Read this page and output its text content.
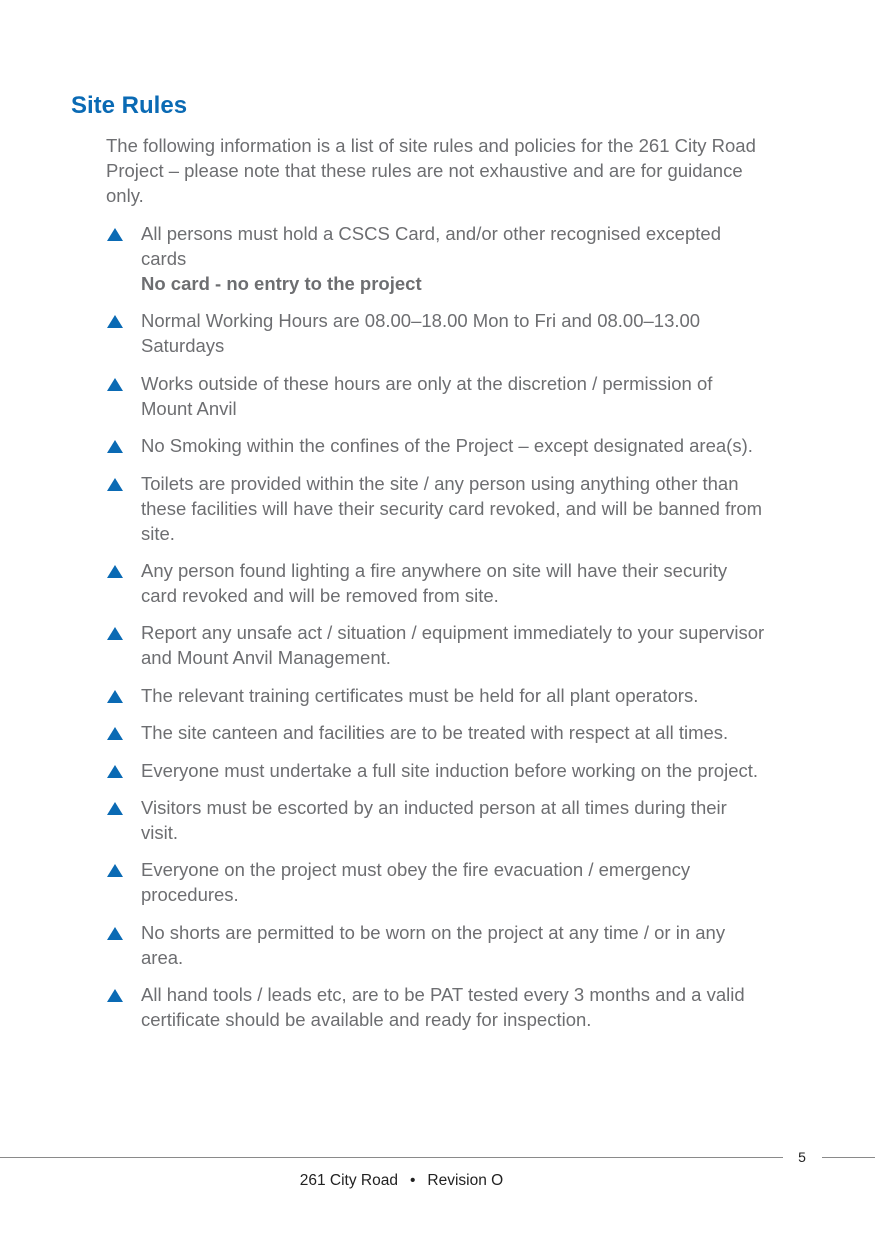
Site Rules

The following information is a list of site rules and policies for the 261 City Road Project – please note that these rules are not exhaustive and are for guidance only.

All persons must hold a CSCS Card, and/or other recognised excepted cards
No card - no entry to the project
Normal Working Hours are 08.00–18.00 Mon to Fri and 08.00–13.00 Saturdays
Works outside of these hours are only at the discretion / permission of Mount Anvil
No Smoking within the confines of the Project – except designated area(s).
Toilets are provided within the site / any person using anything other than these facilities will have their security card revoked, and will be banned from site.
Any person found lighting a fire anywhere on site will have their security card revoked and will be removed from site.
Report any unsafe act / situation / equipment immediately to your supervisor and Mount Anvil Management.
The relevant training certificates must be held for all plant operators.
The site canteen and facilities are to be treated with respect at all times.
Everyone must undertake a full site induction before working on the project.
Visitors must be escorted by an inducted person at all times during their visit.
Everyone on the project must obey the fire evacuation / emergency procedures.
No shorts are permitted to be worn on the project at any time / or in any area.
All hand tools / leads etc, are to be PAT tested every 3 months and a valid certificate should be available and ready for inspection.
5
261 City Road • Revision O
